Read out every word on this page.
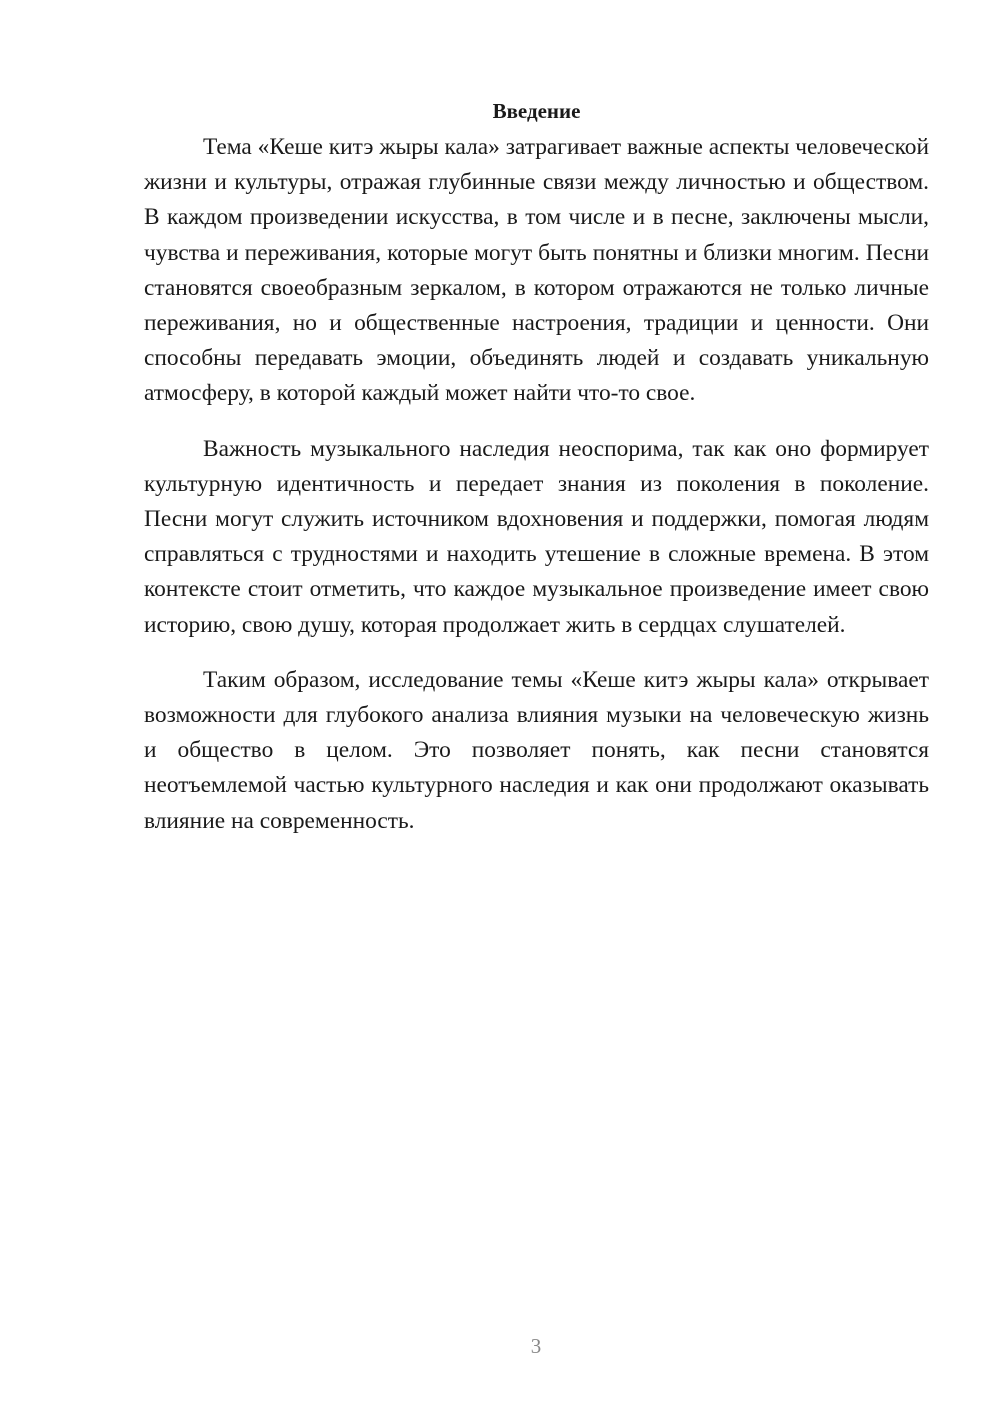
Введение

Тема «Кеше китэ жыры кала» затрагивает важные аспекты человеческой жизни и культуры, отражая глубинные связи между личностью и обществом. В каждом произведении искусства, в том числе и в песне, заключены мысли, чувства и переживания, которые могут быть понятны и близки многим. Песни становятся своеобразным зеркалом, в котором отражаются не только личные переживания, но и общественные настроения, традиции и ценности. Они способны передавать эмоции, объединять людей и создавать уникальную атмосферу, в которой каждый может найти что-то свое.

Важность музыкального наследия неоспорима, так как оно формирует культурную идентичность и передает знания из поколения в поколение. Песни могут служить источником вдохновения и поддержки, помогая людям справляться с трудностями и находить утешение в сложные времена. В этом контексте стоит отметить, что каждое музыкальное произведение имеет свою историю, свою душу, которая продолжает жить в сердцах слушателей.

Таким образом, исследование темы «Кеше китэ жыры кала» открывает возможности для глубокого анализа влияния музыки на человеческую жизнь и общество в целом. Это позволяет понять, как песни становятся неотъемлемой частью культурного наследия и как они продолжают оказывать влияние на современность.

3
